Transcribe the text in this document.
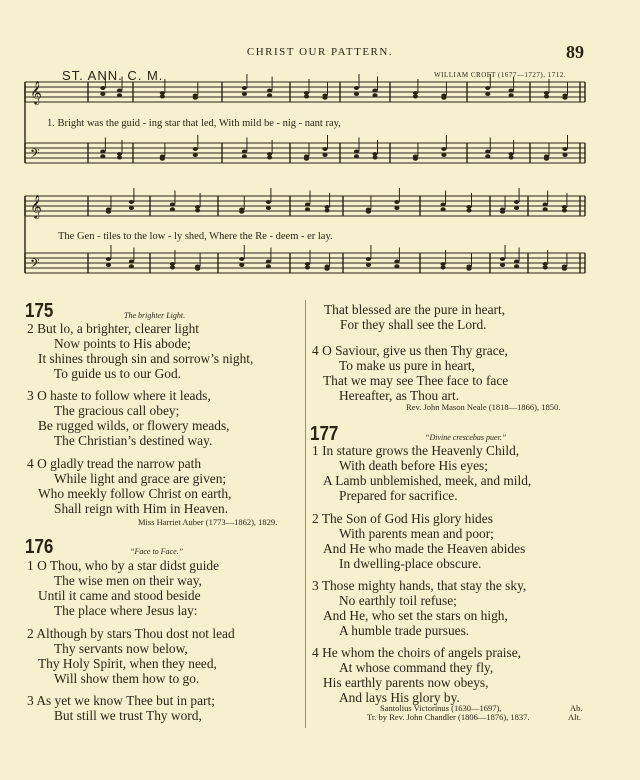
CHRIST OUR PATTERN.	89
ST. ANN. C. M.	WILLIAM CROFT (1677—1727), 1712.
𝄞
𝄢
𝄞
𝄢
1. Bright was the guid - ing star that led, With mild be - nig - nant ray,
The Gen - tiles to the low - ly shed, Where the Re - deem - er lay.
175	The brighter Light.
2 But lo, a brighter, clearer light
Now points to His abode;
It shines through sin and sorrow’s night,
To guide us to our God.
3 O haste to follow where it leads,
The gracious call obey;
Be rugged wilds, or flowery meads,
The Christian’s destined way.
4 O gladly tread the narrow path
While light and grace are given;
Who meekly follow Christ on earth,
Shall reign with Him in Heaven.
Miss Harriet Auber (1773—1862), 1829.
176	“Face to Face.”
1 O Thou, who by a star didst guide
The wise men on their way,
Until it came and stood beside
The place where Jesus lay:
2 Although by stars Thou dost not lead
Thy servants now below,
Thy Holy Spirit, when they need,
Will show them how to go.
3 As yet we know Thee but in part;
But still we trust Thy word,
That blessed are the pure in heart,
For they shall see the Lord.
4 O Saviour, give us then Thy grace,
To make us pure in heart,
That we may see Thee face to face
Hereafter, as Thou art.
Rev. John Mason Neale (1818—1866), 1850.
177	“Divine crescebas puer.”
1 In stature grows the Heavenly Child,
With death before His eyes;
A Lamb unblemished, meek, and mild,
Prepared for sacrifice.
2 The Son of God His glory hides
With parents mean and poor;
And He who made the Heaven abides
In dwelling-place obscure.
3 Those mighty hands, that stay the sky,
No earthly toil refuse;
And He, who set the stars on high,
A humble trade pursues.
4 He whom the choirs of angels praise,
At whose command they fly,
His earthly parents now obeys,
And lays His glory by.
Santolius Victorinus (1630—1697),
Tr. by Rev. John Chandler (1806—1876), 1837.
Ab.
Alt.
